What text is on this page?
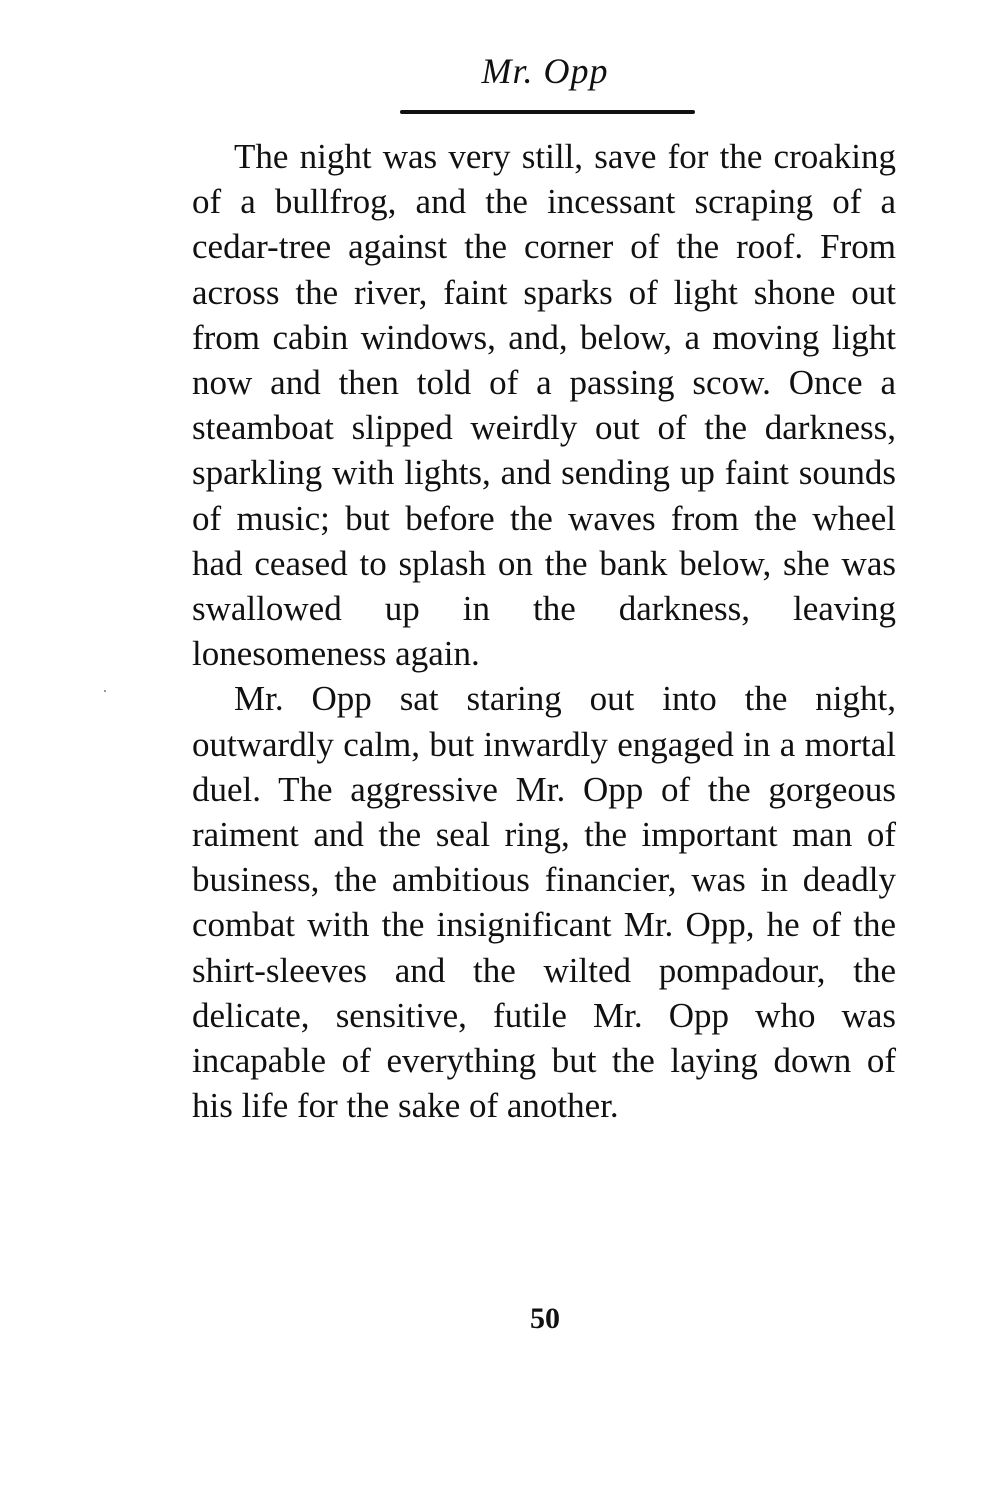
Mr. Opp

The night was very still, save for the croaking of a bullfrog, and the incessant scraping of a cedar-tree against the corner of the roof. From across the river, faint sparks of light shone out from cabin windows, and, below, a moving light now and then told of a passing scow. Once a steamboat slipped weirdly out of the darkness, sparkling with lights, and sending up faint sounds of music; but before the waves from the wheel had ceased to splash on the bank below, she was swallowed up in the darkness, leaving lonesomeness again.

Mr. Opp sat staring out into the night, outwardly calm, but inwardly engaged in a mortal duel. The aggressive Mr. Opp of the gorgeous raiment and the seal ring, the important man of business, the ambitious financier, was in deadly combat with the insignificant Mr. Opp, he of the shirt-sleeves and the wilted pompadour, the delicate, sensitive, futile Mr. Opp who was incapable of everything but the laying down of his life for the sake of another.

50
